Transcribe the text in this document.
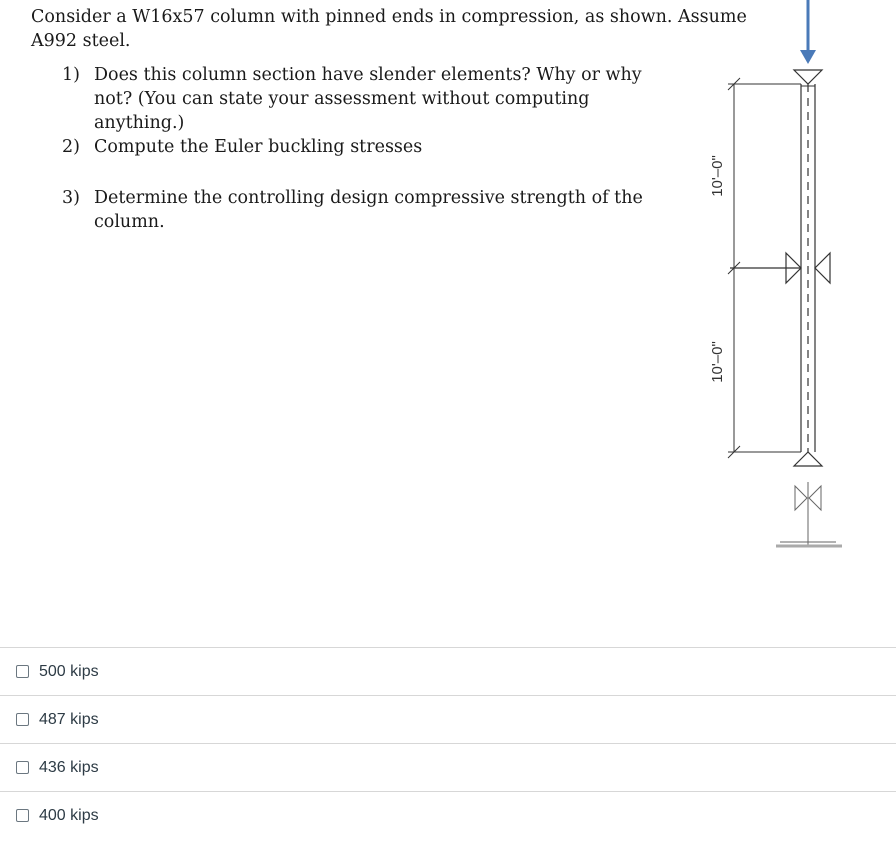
Consider a W16x57 column with pinned ends in compression, as shown. Assume

A992 steel.

1) Does this column section have slender elements? Why or why
not? (You can state your assessment without computing
anything.)
2) Compute the Euler buckling stresses
3) Determine the controlling design compressive strength of the
column.
10'–0"
10'–0"
500 kips
487 kips
436 kips
400 kips
